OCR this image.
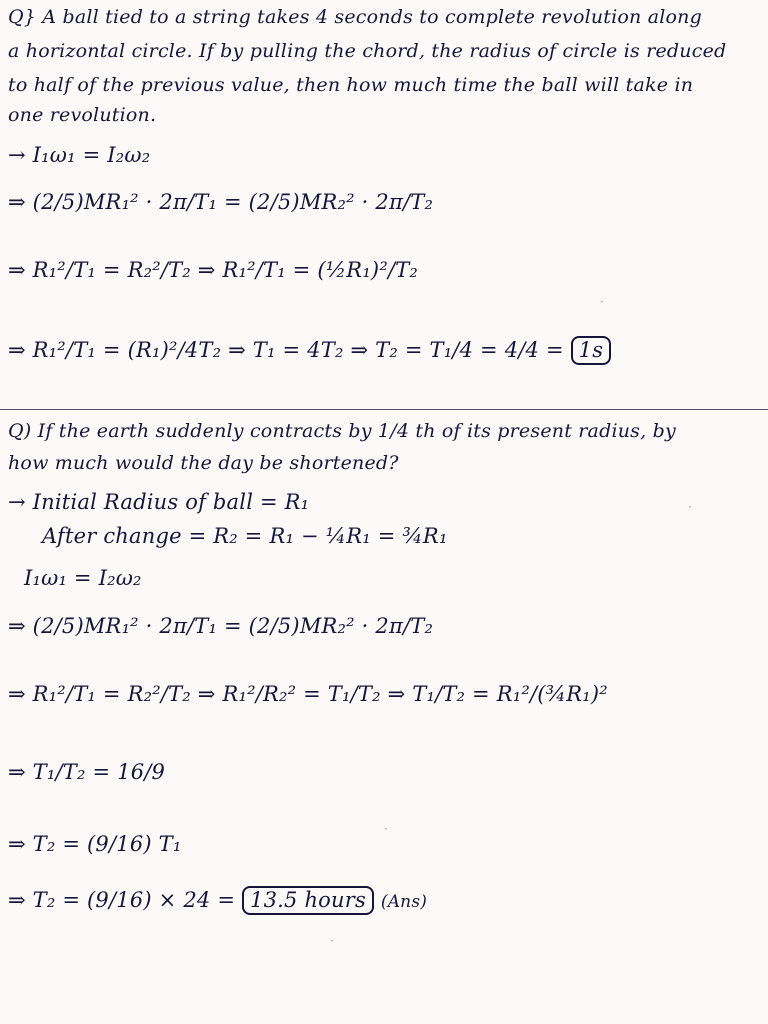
Q} A ball tied to a string takes 4 seconds to complete revolution along
a horizontal circle. If by pulling the chord, the radius of circle is reduced
to half of the previous value, then how much time the ball will take in
one revolution.
→ I₁ω₁ = I₂ω₂
⇒ (2/5)MR₁² · 2π/T₁ = (2/5)MR₂² · 2π/T₂
⇒ R₁²/T₁ = R₂²/T₂ ⇒ R₁²/T₁ = (½R₁)²/T₂
⇒ R₁²/T₁ = (R₁)²/4T₂ ⇒ T₁ = 4T₂ ⇒ T₂ = T₁/4 = 4/4 = 1s
Q) If the earth suddenly contracts by 1/4 th of its present radius, by
how much would the day be shortened?
→ Initial Radius of ball = R₁
After change = R₂ = R₁ − ¼R₁ = ¾R₁
I₁ω₁ = I₂ω₂
⇒ (2/5)MR₁² · 2π/T₁ = (2/5)MR₂² · 2π/T₂
⇒ R₁²/T₁ = R₂²/T₂ ⇒ R₁²/R₂² = T₁/T₂ ⇒ T₁/T₂ = R₁²/(¾R₁)²
⇒ T₁/T₂ = 16/9
⇒ T₂ = (9/16) T₁
⇒ T₂ = (9/16) × 24 = 13.5 hours (Ans)
·
·
·
·
